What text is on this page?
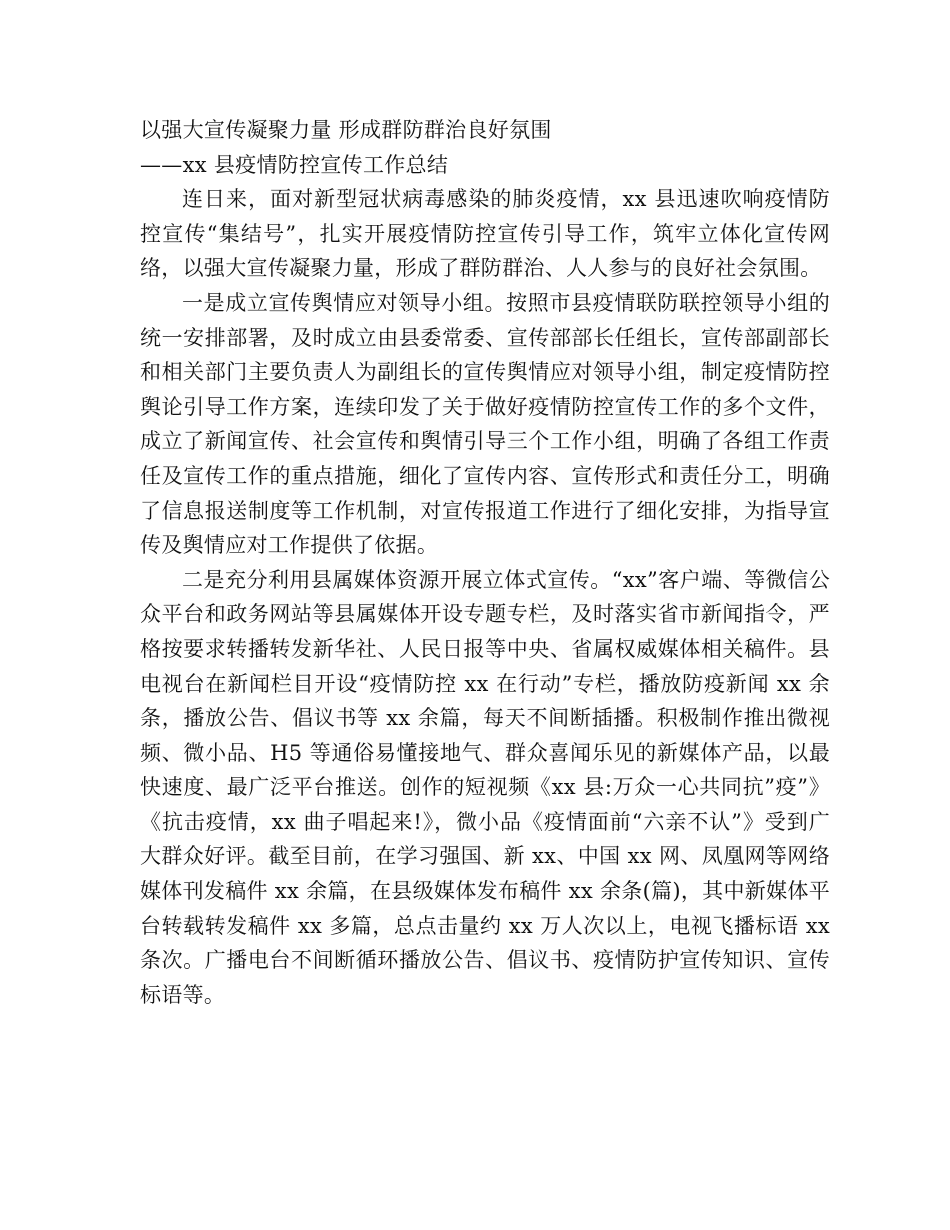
以强大宣传凝聚力量 形成群防群治良好氛围
——xx 县疫情防控宣传工作总结

连日来，面对新型冠状病毒感染的肺炎疫情，xx 县迅速吹响疫情防控宣传“集结号”，扎实开展疫情防控宣传引导工作，筑牢立体化宣传网络，以强大宣传凝聚力量，形成了群防群治、人人参与的良好社会氛围。

一是成立宣传舆情应对领导小组。按照市县疫情联防联控领导小组的统一安排部署，及时成立由县委常委、宣传部部长任组长，宣传部副部长和相关部门主要负责人为副组长的宣传舆情应对领导小组，制定疫情防控舆论引导工作方案，连续印发了关于做好疫情防控宣传工作的多个文件，成立了新闻宣传、社会宣传和舆情引导三个工作小组，明确了各组工作责任及宣传工作的重点措施，细化了宣传内容、宣传形式和责任分工，明确了信息报送制度等工作机制，对宣传报道工作进行了细化安排，为指导宣传及舆情应对工作提供了依据。

二是充分利用县属媒体资源开展立体式宣传。“xx”客户端、等微信公众平台和政务网站等县属媒体开设专题专栏，及时落实省市新闻指令，严格按要求转播转发新华社、人民日报等中央、省属权威媒体相关稿件。县电视台在新闻栏目开设“疫情防控 xx 在行动”专栏，播放防疫新闻 xx 余条，播放公告、倡议书等 xx 余篇，每天不间断插播。积极制作推出微视频、微小品、H5 等通俗易懂接地气、群众喜闻乐见的新媒体产品，以最快速度、最广泛平台推送。创作的短视频《xx 县:万众一心共同抗”疫”》《抗击疫情，xx 曲子唱起来!》，微小品《疫情面前“六亲不认”》受到广大群众好评。截至目前，在学习强国、新 xx、中国 xx 网、凤凰网等网络媒体刊发稿件 xx 余篇，在县级媒体发布稿件 xx 余条(篇)，其中新媒体平台转载转发稿件 xx 多篇，总点击量约 xx 万人次以上，电视飞播标语 xx 条次。广播电台不间断循环播放公告、倡议书、疫情防护宣传知识、宣传标语等。
